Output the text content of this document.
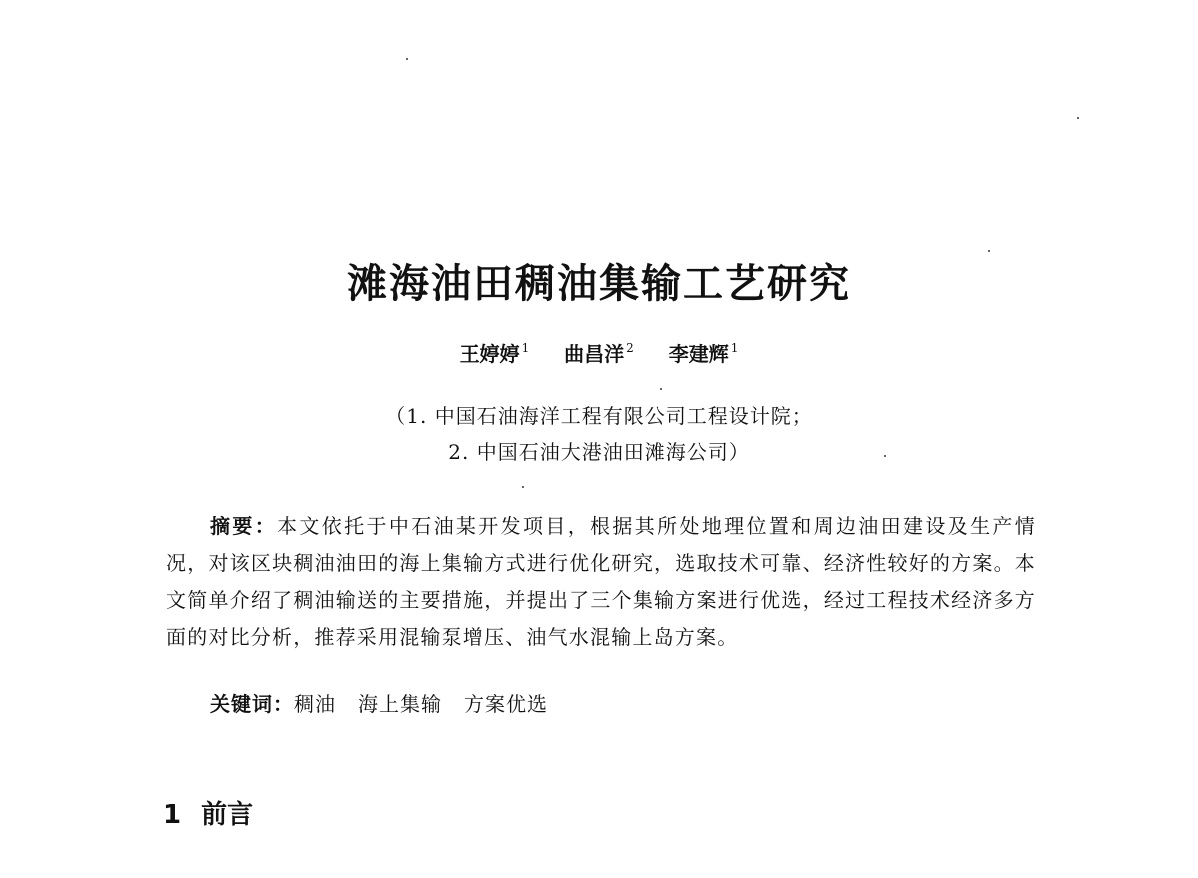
滩海油田稠油集输工艺研究
王婷婷 $^1$ 曲昌洋 $^2$ 李建辉 $^1$
（1. 中国石油海洋工程有限公司工程设计院；
2. 中国石油大港油田滩海公司）

摘要：本文依托于中石油某开发项目，根据其所处地理位置和周边油田建设及生产情况，对该区块稠油油田的海上集输方式进行优化研究，选取技术可靠、经济性较好的方案。本文简单介绍了稠油输送的主要措施，并提出了三个集输方案进行优选，经过工程技术经济多方面的对比分析，推荐采用混输泵增压、油气水混输上岛方案。

关键词：稠油 海上集输 方案优选
1 前言
